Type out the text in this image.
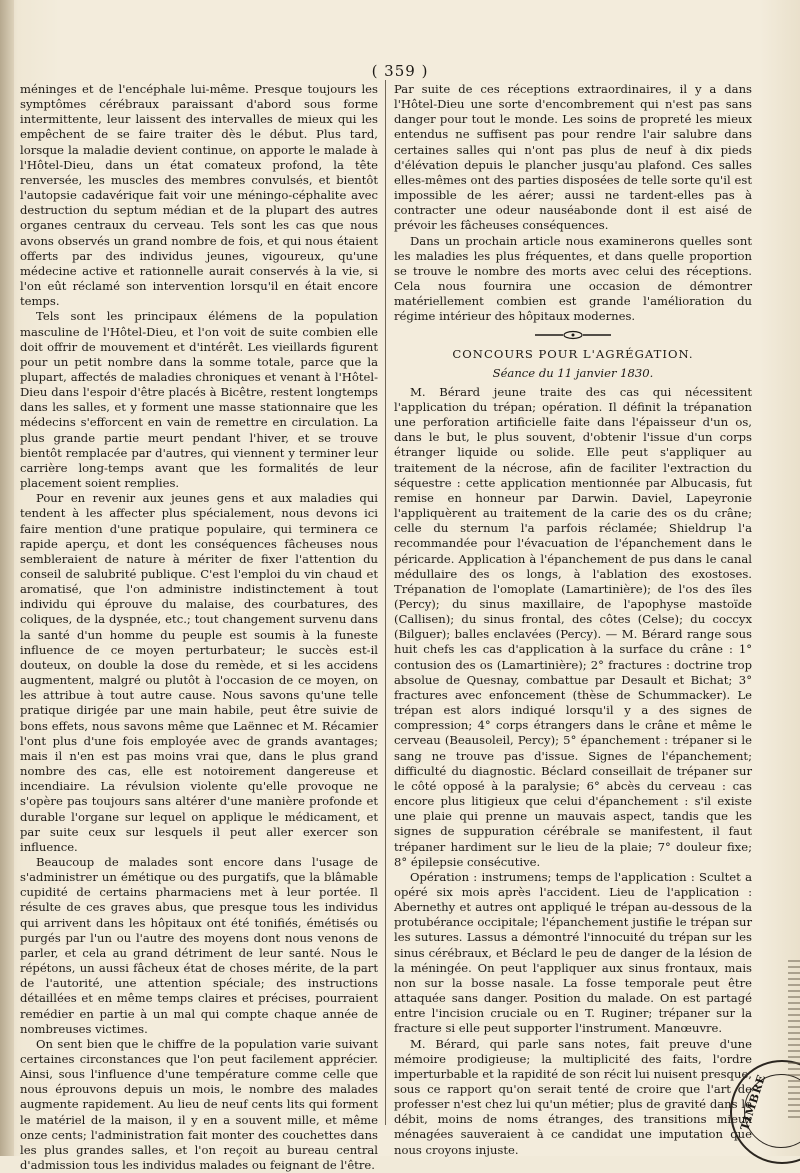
( 359 )

méninges et de l'encéphale lui-même. Presque toujours les symptômes cérébraux paraissant d'abord sous forme intermittente, leur laissent des intervalles de mieux qui les empêchent de se faire traiter dès le début. Plus tard, lorsque la maladie devient continue, on apporte le malade à l'Hôtel-Dieu, dans un état comateux profond, la tête renversée, les muscles des membres convulsés, et bientôt l'autopsie cadavérique fait voir une méningo-céphalite avec destruction du septum médian et de la plupart des autres organes centraux du cerveau. Tels sont les cas que nous avons observés un grand nombre de fois, et qui nous étaient offerts par des individus jeunes, vigoureux, qu'une médecine active et rationnelle aurait conservés à la vie, si l'on eût réclamé son intervention lorsqu'il en était encore temps.

Tels sont les principaux élémens de la population masculine de l'Hôtel-Dieu, et l'on voit de suite combien elle doit offrir de mouvement et d'intérêt. Les vieillards figurent pour un petit nombre dans la somme totale, parce que la plupart, affectés de maladies chroniques et venant à l'Hôtel-Dieu dans l'espoir d'être placés à Bicêtre, restent longtemps dans les salles, et y forment une masse stationnaire que les médecins s'efforcent en vain de remettre en circulation. La plus grande partie meurt pendant l'hiver, et se trouve bientôt remplacée par d'autres, qui viennent y terminer leur carrière long-temps avant que les formalités de leur placement soient remplies.

Pour en revenir aux jeunes gens et aux maladies qui tendent à les affecter plus spécialement, nous devons ici faire mention d'une pratique populaire, qui terminera ce rapide aperçu, et dont les conséquences fâcheuses nous sembleraient de nature à mériter de fixer l'attention du conseil de salubrité publique. C'est l'emploi du vin chaud et aromatisé, que l'on administre indistinctement à tout individu qui éprouve du malaise, des courbatures, des coliques, de la dyspnée, etc.; tout changement survenu dans la santé d'un homme du peuple est soumis à la funeste influence de ce moyen perturbateur; le succès est-il douteux, on double la dose du remède, et si les accidens augmentent, malgré ou plutôt à l'occasion de ce moyen, on les attribue à tout autre cause. Nous savons qu'une telle pratique dirigée par une main habile, peut être suivie de bons effets, nous savons même que Laënnec et M. Récamier l'ont plus d'une fois employée avec de grands avantages; mais il n'en est pas moins vrai que, dans le plus grand nombre des cas, elle est notoirement dangereuse et incendiaire. La révulsion violente qu'elle provoque ne s'opère pas toujours sans altérer d'une manière profonde et durable l'organe sur lequel on applique le médicament, et par suite ceux sur lesquels il peut aller exercer son influence.

Beaucoup de malades sont encore dans l'usage de s'administrer un émétique ou des purgatifs, que la blâmable cupidité de certains pharmaciens met à leur portée. Il résulte de ces graves abus, que presque tous les individus qui arrivent dans les hôpitaux ont été tonifiés, émétisés ou purgés par l'un ou l'autre des moyens dont nous venons de parler, et cela au grand détriment de leur santé. Nous le répétons, un aussi fâcheux état de choses mérite, de la part de l'autorité, une attention spéciale; des instructions détaillées et en même temps claires et précises, pourraient remédier en partie à un mal qui compte chaque année de nombreuses victimes.

On sent bien que le chiffre de la population varie suivant certaines circonstances que l'on peut facilement apprécier. Ainsi, sous l'influence d'une température comme celle que nous éprouvons depuis un mois, le nombre des malades augmente rapidement. Au lieu de neuf cents lits qui forment le matériel de la maison, il y en a souvent mille, et même onze cents; l'administration fait monter des couchettes dans les plus grandes salles, et l'on reçoit au bureau central d'admission tous les individus malades ou feignant de l'être.

Par suite de ces réceptions extraordinaires, il y a dans l'Hôtel-Dieu une sorte d'encombrement qui n'est pas sans danger pour tout le monde. Les soins de propreté les mieux entendus ne suffisent pas pour rendre l'air salubre dans certaines salles qui n'ont pas plus de neuf à dix pieds d'élévation depuis le plancher jusqu'au plafond. Ces salles elles-mêmes ont des parties disposées de telle sorte qu'il est impossible de les aérer; aussi ne tardent-elles pas à contracter une odeur nauséabonde dont il est aisé de prévoir les fâcheuses conséquences.

Dans un prochain article nous examinerons quelles sont les maladies les plus fréquentes, et dans quelle proportion se trouve le nombre des morts avec celui des réceptions. Cela nous fournira une occasion de démontrer matériellement combien est grande l'amélioration du régime intérieur des hôpitaux modernes.

CONCOURS POUR L'AGRÉGATION.
Séance du 11 janvier 1830.

M. Bérard jeune traite des cas qui nécessitent l'application du trépan; opération. Il définit la trépanation une perforation artificielle faite dans l'épaisseur d'un os, dans le but, le plus souvent, d'obtenir l'issue d'un corps étranger liquide ou solide. Elle peut s'appliquer au traitement de la nécrose, afin de faciliter l'extraction du séquestre : cette application mentionnée par Albucasis, fut remise en honneur par Darwin. Daviel, Lapeyronie l'appliquèrent au traitement de la carie des os du crâne; celle du sternum l'a parfois réclamée; Shieldrup l'a recommandée pour l'évacuation de l'épanchement dans le péricarde. Application à l'épanchement de pus dans le canal médullaire des os longs, à l'ablation des exostoses. Trépanation de l'omoplate (Lamartinière); de l'os des îles (Percy); du sinus maxillaire, de l'apophyse mastoïde (Callisen); du sinus frontal, des côtes (Celse); du coccyx (Bilguer); balles enclavées (Percy). — M. Bérard range sous huit chefs les cas d'application à la surface du crâne : 1° contusion des os (Lamartinière); 2° fractures : doctrine trop absolue de Quesnay, combattue par Desault et Bichat; 3° fractures avec enfoncement (thèse de Schummacker). Le trépan est alors indiqué lorsqu'il y a des signes de compression; 4° corps étrangers dans le crâne et même le cerveau (Beausoleil, Percy); 5° épanchement : trépaner si le sang ne trouve pas d'issue. Signes de l'épanchement; difficulté du diagnostic. Béclard conseillait de trépaner sur le côté opposé à la paralysie; 6° abcès du cerveau : cas encore plus litigieux que celui d'épanchement : s'il existe une plaie qui prenne un mauvais aspect, tandis que les signes de suppuration cérébrale se manifestent, il faut trépaner hardiment sur le lieu de la plaie; 7° douleur fixe; 8° épilepsie consécutive.

Opération : instrumens; temps de l'application : Scultet a opéré six mois après l'accident. Lieu de l'application : Abernethy et autres ont appliqué le trépan au-dessous de la protubérance occipitale; l'épanchement justifie le trépan sur les sutures. Lassus a démontré l'innocuité du trépan sur les sinus cérébraux, et Béclard le peu de danger de la lésion de la méningée. On peut l'appliquer aux sinus frontaux, mais non sur la bosse nasale. La fosse temporale peut être attaquée sans danger. Position du malade. On est partagé entre l'incision cruciale ou en T. Ruginer; trépaner sur la fracture si elle peut supporter l'instrument. Manœuvre.

M. Bérard, qui parle sans notes, fait preuve d'une mémoire prodigieuse; la multiplicité des faits, l'ordre imperturbable et la rapidité de son récit lui nuisent presque, sous ce rapport qu'on serait tenté de croire que l'art de professer n'est chez lui qu'un métier; plus de gravité dans le débit, moins de noms étranges, des transitions mieux ménagées sauveraient à ce candidat une imputation que nous croyons injuste.

TIMBRE
